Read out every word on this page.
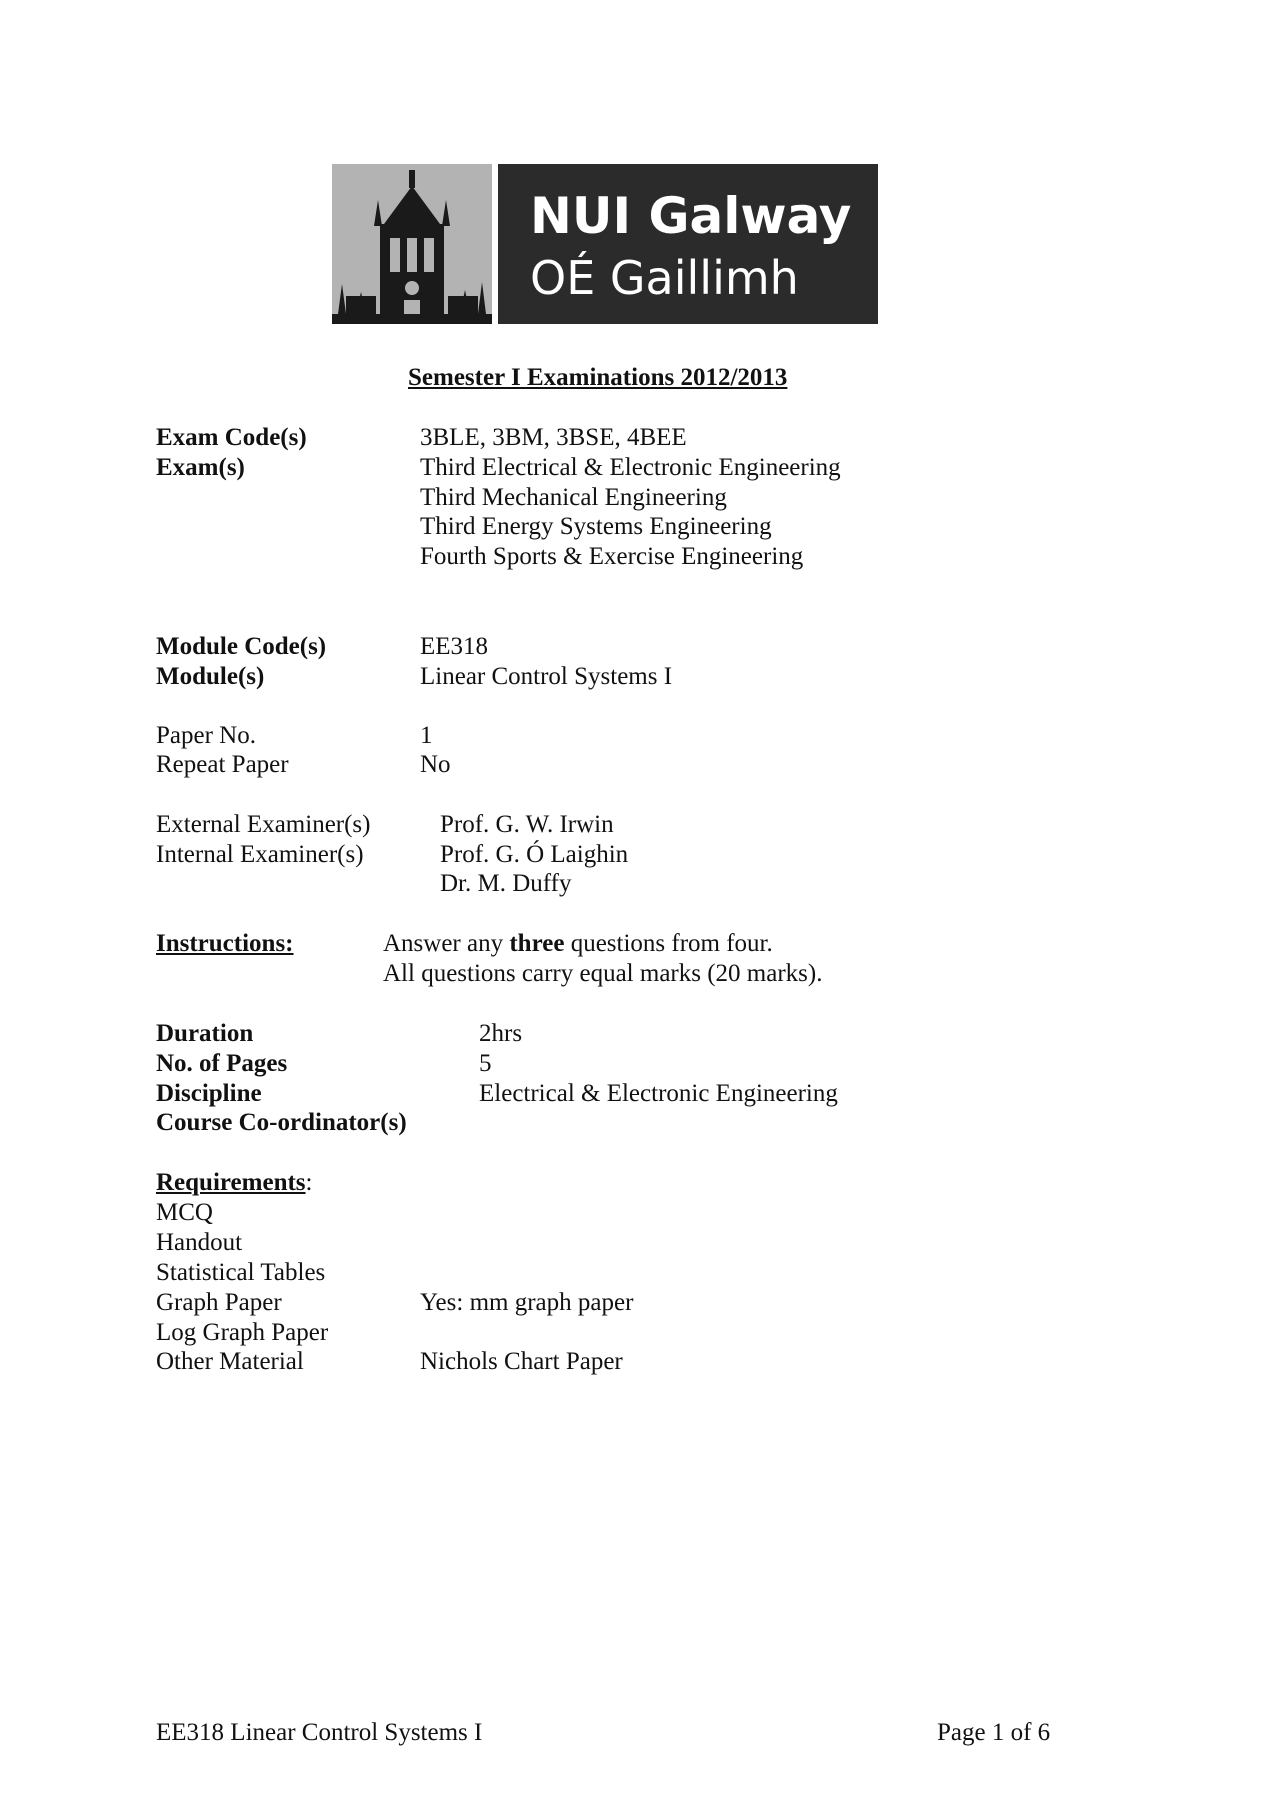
NUI Galway
OÉ Gaillimh
Semester I Examinations 2012/2013
Exam Code(s)	3BLE, 3BM, 3BSE, 4BEE
Exam(s)	Third Electrical & Electronic Engineering
Third Mechanical Engineering
Third Energy Systems Engineering
Fourth Sports & Exercise Engineering
Module Code(s)	EE318
Module(s)	Linear Control Systems I
Paper No.	1
Repeat Paper	No
External Examiner(s)	Prof. G. W. Irwin
Internal Examiner(s)	Prof. G. Ó Laighin
Dr. M. Duffy
Instructions:	Answer any three questions from four.
All questions carry equal marks (20 marks).
Duration	2hrs
No. of Pages	5
Discipline	Electrical & Electronic Engineering
Course Co-ordinator(s)
Requirements:
MCQ
Handout
Statistical Tables
Graph Paper	Yes: mm graph paper
Log Graph Paper
Other Material	Nichols Chart Paper
EE318 Linear Control Systems I	Page 1 of 6
